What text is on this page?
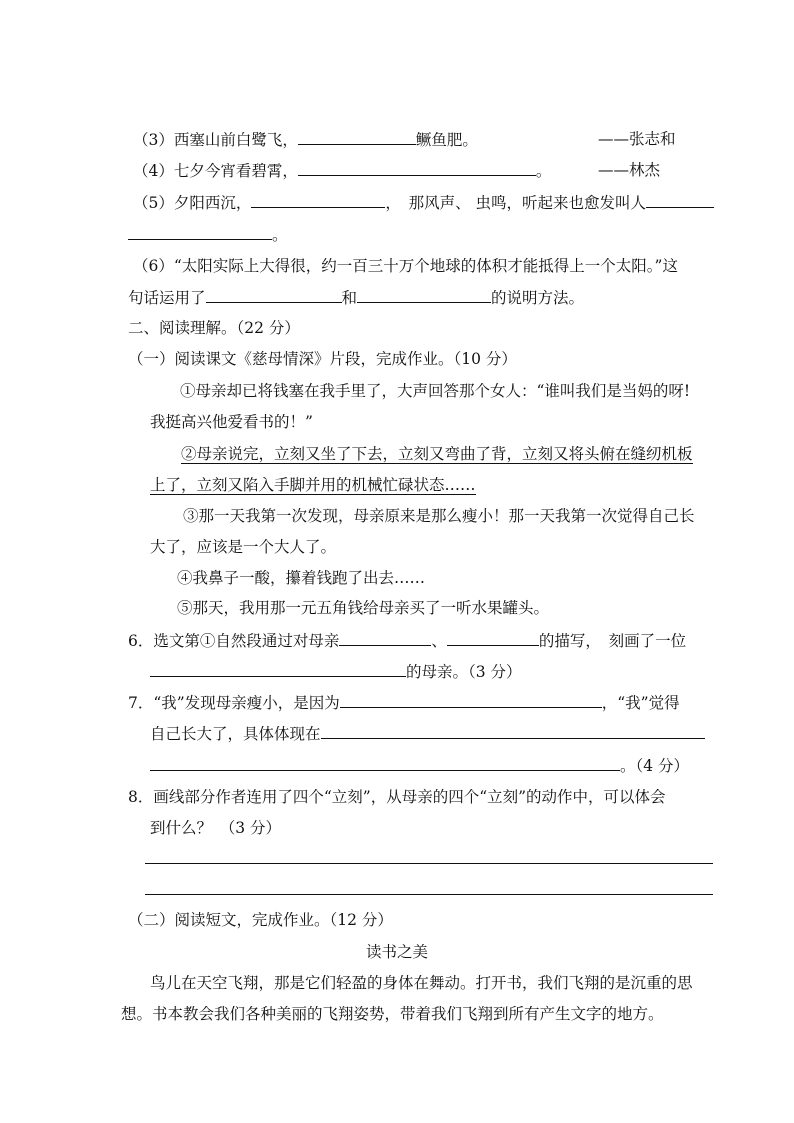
（3）西塞山前白鹭飞，	鳜鱼肥。	——张志和
（4）七夕今宵看碧霄，	。	——林杰
（5）夕阳西沉，	，　那风声、 虫鸣，听起来也愈发叫人
。
（6）“太阳实际上大得很，约一百三十万个地球的体积才能抵得上一个太阳。”这
句话运用了	和	的说明方法。
二、阅读理解。（22 分）
（一）阅读课文《慈母情深》片段，完成作业。（10 分）
①母亲却已将钱塞在我手里了，大声回答那个女人：“谁叫我们是当妈的呀!
我挺高兴他爱看书的！”
②母亲说完，立刻又坐了下去，立刻又弯曲了背，立刻又将头俯在缝纫机板
上了，立刻又陷入手脚并用的机械忙碌状态……
③那一天我第一次发现，母亲原来是那么瘦小！那一天我第一次觉得自己长
大了，应该是一个大人了。
④我鼻子一酸，攥着钱跑了出去……
⑤那天，我用那一元五角钱给母亲买了一听水果罐头。
6．选文第①自然段通过对母亲	、	的描写，　刻画了一位
的母亲。（3 分）
7．“我”发现母亲瘦小，是因为	，“我”觉得
自己长大了，具体体现在
。（4 分）
8．画线部分作者连用了四个“立刻”，从母亲的四个“立刻”的动作中，可以体会
到什么？　（3 分）
（二）阅读短文，完成作业。（12 分）
读书之美
鸟儿在天空飞翔，那是它们轻盈的身体在舞动。打开书，我们飞翔的是沉重的思
想。书本教会我们各种美丽的飞翔姿势，带着我们飞翔到所有产生文字的地方。
